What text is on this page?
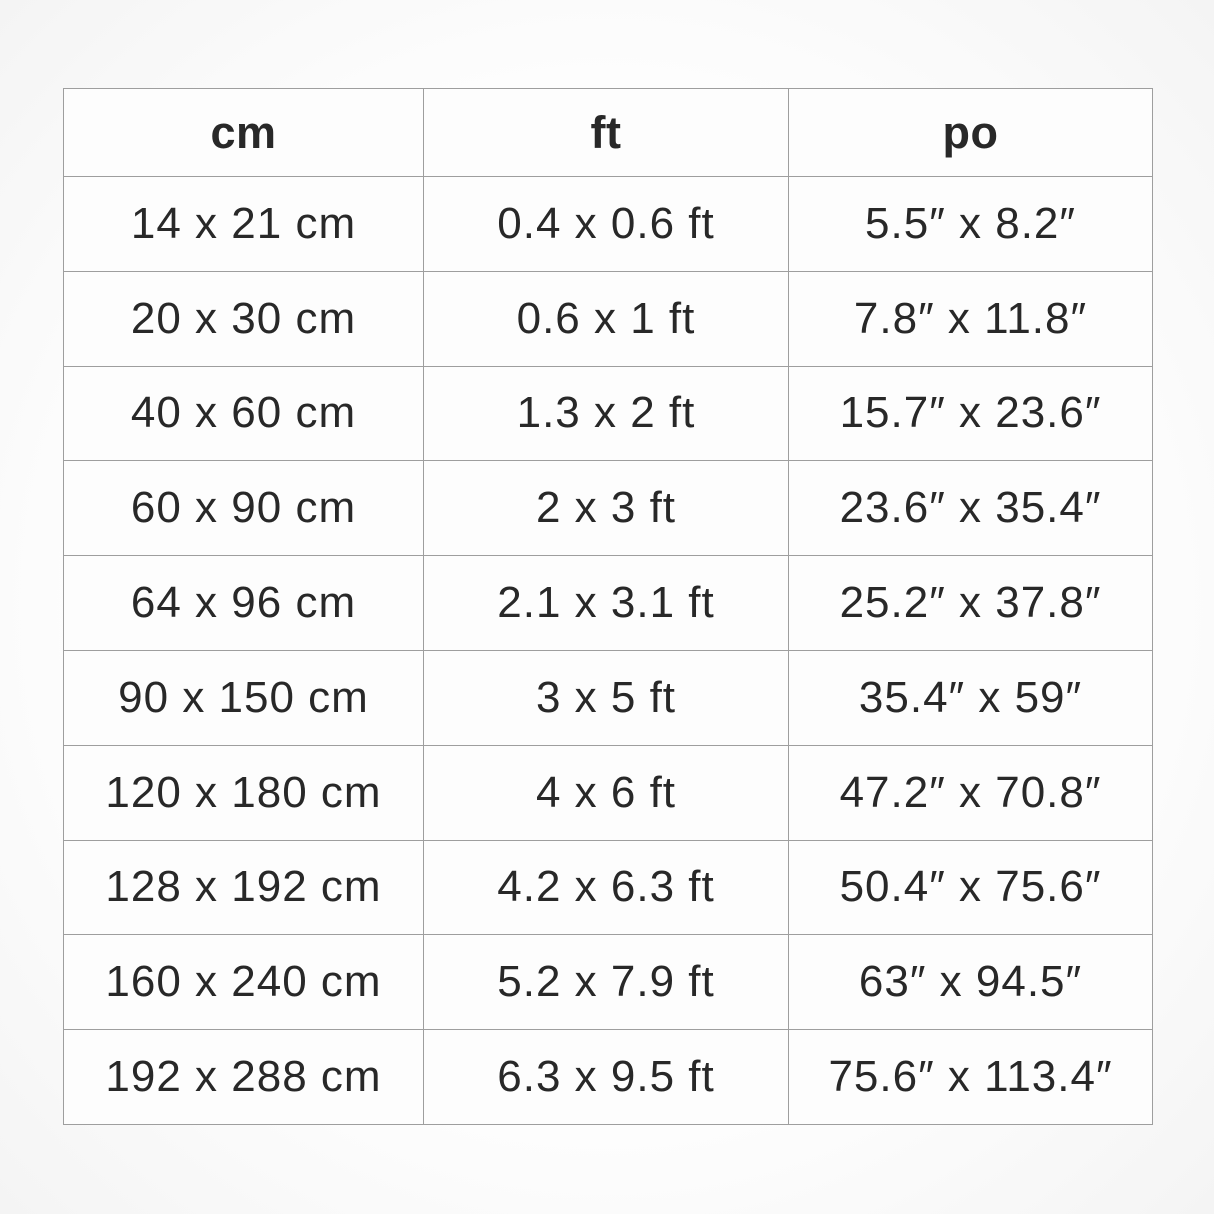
cm	ft	po
14 x 21 cm	0.4 x 0.6 ft	5.5″ x 8.2″
20 x 30 cm	0.6 x 1 ft	7.8″ x 11.8″
40 x 60 cm	1.3 x 2 ft	15.7″ x 23.6″
60 x 90 cm	2 x 3 ft	23.6″ x 35.4″
64 x 96 cm	2.1 x 3.1 ft	25.2″ x 37.8″
90 x 150 cm	3 x 5 ft	35.4″ x 59″
120 x 180 cm	4 x 6 ft	47.2″ x 70.8″
128 x 192 cm	4.2 x 6.3 ft	50.4″ x 75.6″
160 x 240 cm	5.2 x 7.9 ft	63″ x 94.5″
192 x 288 cm	6.3 x 9.5 ft	75.6″ x 113.4″
